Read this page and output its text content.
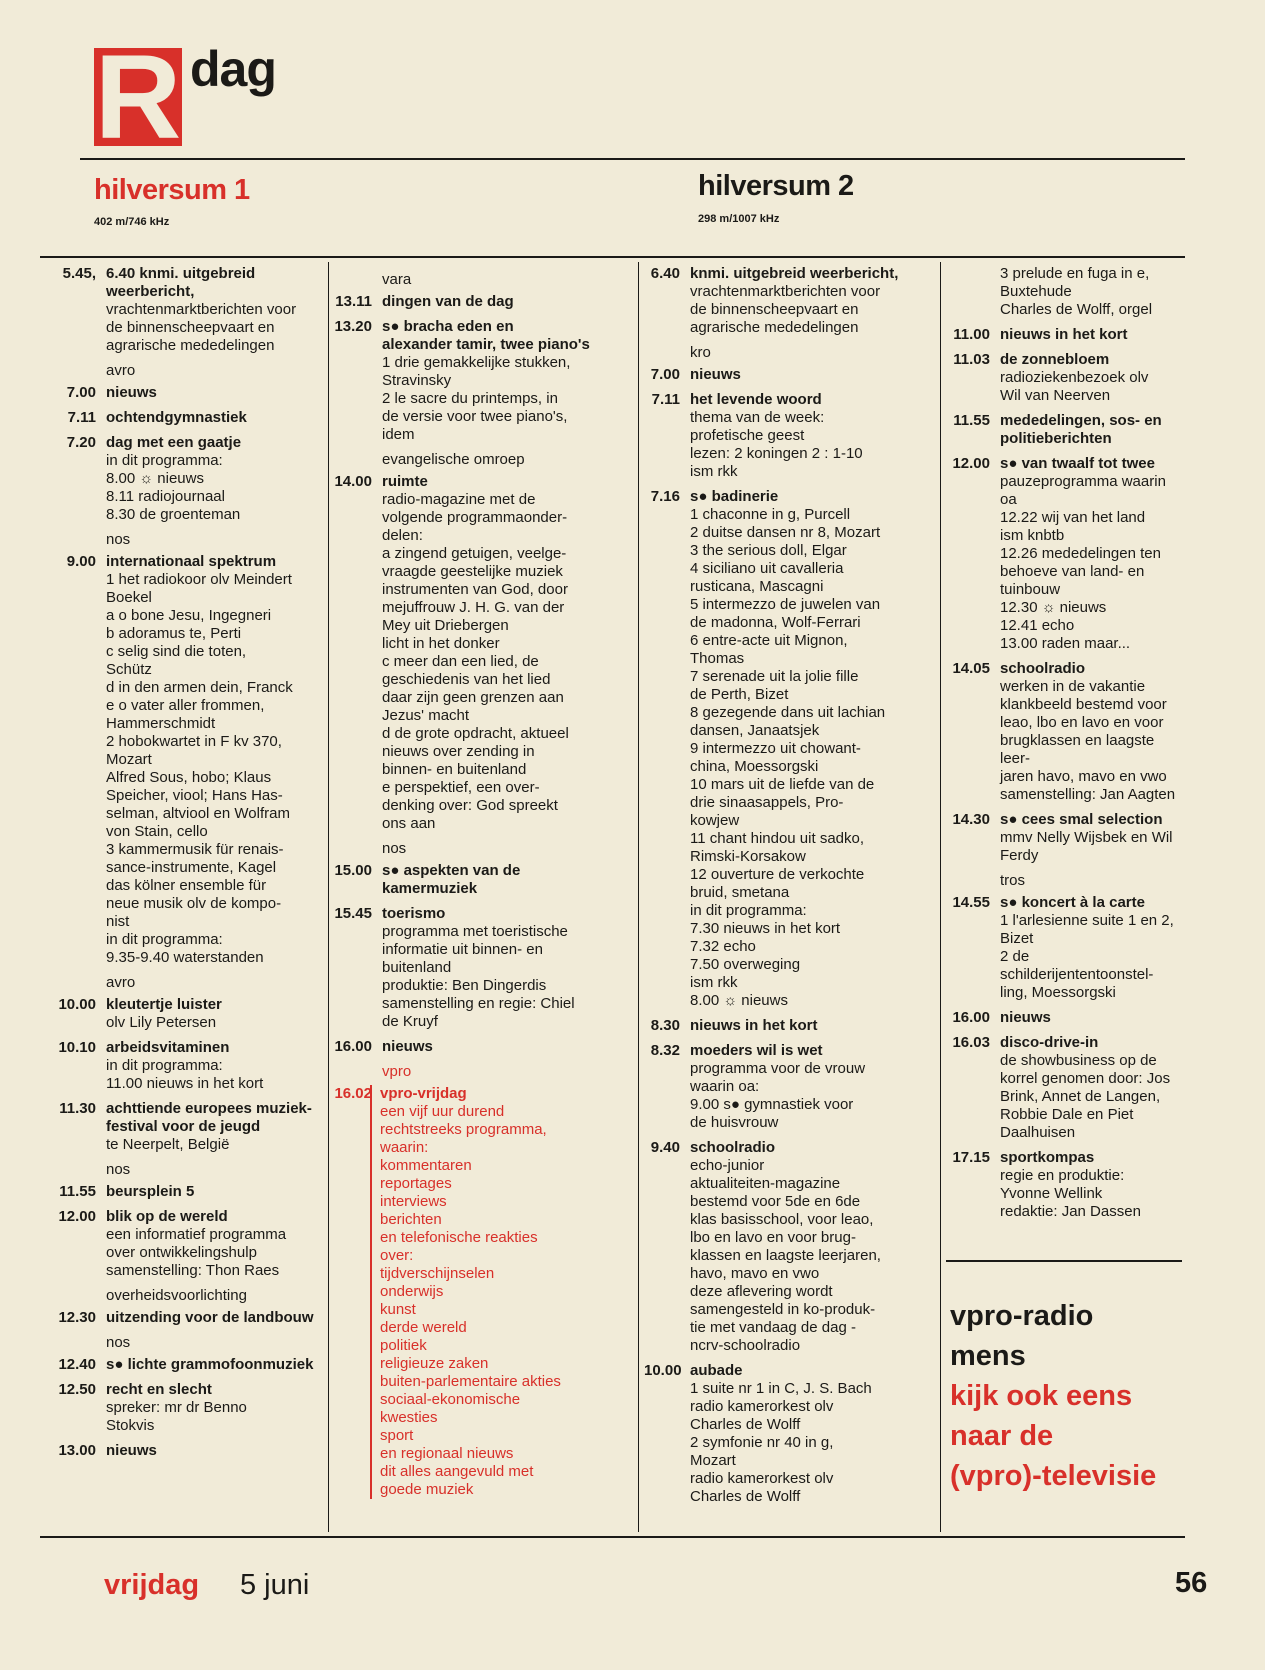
R dag
hilversum 1
402 m/746 kHz
hilversum 2
298 m/1007 kHz
5.45, 6.40 knmi. uitgebreid
weerbericht,
vrachtenmarktberichten voor
de binnenscheepvaart en
agrarische mededelingen
avro
7.00 nieuws
7.11 ochtendgymnastiek
7.20 dag met een gaatje
in dit programma:
8.00 ☼ nieuws
8.11 radiojournaal
8.30 de groenteman
nos
9.00 internationaal spektrum
1 het radiokoor olv Meindert
Boekel
a o bone Jesu, Ingegneri
b adoramus te, Perti
c selig sind die toten,
Schütz
d in den armen dein, Franck
e o vater aller frommen,
Hammerschmidt
2 hobokwartet in F kv 370,
Mozart
Alfred Sous, hobo; Klaus
Speicher, viool; Hans Has-
selman, altviool en Wolfram
von Stain, cello
3 kammermusik für renais-
sance-instrumente, Kagel
das kölner ensemble für
neue musik olv de kompo-
nist
in dit programma:
9.35-9.40 waterstanden
avro
10.00 kleutertje luister
olv Lily Petersen
10.10 arbeidsvitaminen
in dit programma:
11.00 nieuws in het kort
11.30 achttiende europees muziek-
festival voor de jeugd
te Neerpelt, België
nos
11.55 beursplein 5
12.00 blik op de wereld
een informatief programma
over ontwikkelingshulp
samenstelling: Thon Raes
overheidsvoorlichting
12.30 uitzending voor de landbouw
nos
12.40 s● lichte grammofoonmuziek
12.50 recht en slecht
spreker: mr dr Benno
Stokvis
13.00 nieuws
vara
13.11 dingen van de dag
13.20 s● bracha eden en
alexander tamir, twee piano's
1 drie gemakkelijke stukken,
Stravinsky
2 le sacre du printemps, in
de versie voor twee piano's,
idem
evangelische omroep
14.00 ruimte
radio-magazine met de
volgende programmaonder-
delen:
a zingend getuigen, veelge-
vraagde geestelijke muziek
instrumenten van God, door
mejuffrouw J. H. G. van der
Mey uit Driebergen
licht in het donker
c meer dan een lied, de
geschiedenis van het lied
daar zijn geen grenzen aan
Jezus' macht
d de grote opdracht, aktueel
nieuws over zending in
binnen- en buitenland
e perspektief, een over-
denking over: God spreekt
ons aan
nos
15.00 s● aspekten van de
kamermuziek
15.45 toerismo
programma met toeristische
informatie uit binnen- en
buitenland
produktie: Ben Dingerdis
samenstelling en regie: Chiel
de Kruyf
16.00 nieuws
vpro
16.02 vpro-vrijdag
een vijf uur durend
rechtstreeks programma,
waarin:
kommentaren
reportages
interviews
berichten
en telefonische reakties
over:
tijdverschijnselen
onderwijs
kunst
derde wereld
politiek
religieuze zaken
buiten-parlementaire akties
sociaal-ekonomische
kwesties
sport
en regionaal nieuws
dit alles aangevuld met
goede muziek
6.40 knmi. uitgebreid weerbericht,
vrachtenmarktberichten voor
de binnenscheepvaart en
agrarische mededelingen
kro
7.00 nieuws
7.11 het levende woord
thema van de week:
profetische geest
lezen: 2 koningen 2 : 1-10
ism rkk
7.16 s● badinerie
1 chaconne in g, Purcell
2 duitse dansen nr 8, Mozart
3 the serious doll, Elgar
4 siciliano uit cavalleria
rusticana, Mascagni
5 intermezzo de juwelen van
de madonna, Wolf-Ferrari
6 entre-acte uit Mignon,
Thomas
7 serenade uit la jolie fille
de Perth, Bizet
8 gezegende dans uit lachian
dansen, Janaatsjek
9 intermezzo uit chowant-
china, Moessorgski
10 mars uit de liefde van de
drie sinaasappels, Pro-
kowjew
11 chant hindou uit sadko,
Rimski-Korsakow
12 ouverture de verkochte
bruid, smetana
in dit programma:
7.30 nieuws in het kort
7.32 echo
7.50 overweging
ism rkk
8.00 ☼ nieuws
8.30 nieuws in het kort
8.32 moeders wil is wet
programma voor de vrouw
waarin oa:
9.00 s● gymnastiek voor
de huisvrouw
9.40 schoolradio
echo-junior
aktualiteiten-magazine
bestemd voor 5de en 6de
klas basisschool, voor leao,
lbo en lavo en voor brug-
klassen en laagste leerjaren,
havo, mavo en vwo
deze aflevering wordt
samengesteld in ko-produk-
tie met vandaag de dag -
ncrv-schoolradio
10.00 aubade
1 suite nr 1 in C, J. S. Bach
radio kamerorkest olv
Charles de Wolff
2 symfonie nr 40 in g,
Mozart
radio kamerorkest olv
Charles de Wolff
3 prelude en fuga in e,
Buxtehude
Charles de Wolff, orgel
11.00 nieuws in het kort
11.03 de zonnebloem
radioziekenbezoek olv
Wil van Neerven
11.55 mededelingen, sos- en
politieberichten
12.00 s● van twaalf tot twee
pauzeprogramma waarin
oa
12.22 wij van het land
ism knbtb
12.26 mededelingen ten
behoeve van land- en
tuinbouw
12.30 ☼ nieuws
12.41 echo
13.00 raden maar...
14.05 schoolradio
werken in de vakantie
klankbeeld bestemd voor
leao, lbo en lavo en voor
brugklassen en laagste leer-
jaren havo, mavo en vwo
samenstelling: Jan Aagten
14.30 s● cees smal selection
mmv Nelly Wijsbek en Wil
Ferdy
tros
14.55 s● koncert à la carte
1 l'arlesienne suite 1 en 2,
Bizet
2 de schilderijententoonstel-
ling, Moessorgski
16.00 nieuws
16.03 disco-drive-in
de showbusiness op de
korrel genomen door: Jos
Brink, Annet de Langen,
Robbie Dale en Piet
Daalhuisen
17.15 sportkompas
regie en produktie:
Yvonne Wellink
redaktie: Jan Dassen
vpro-radio
mens
kijk ook eens
naar de
(vpro)-televisie
vrijdag 5 juni	56
